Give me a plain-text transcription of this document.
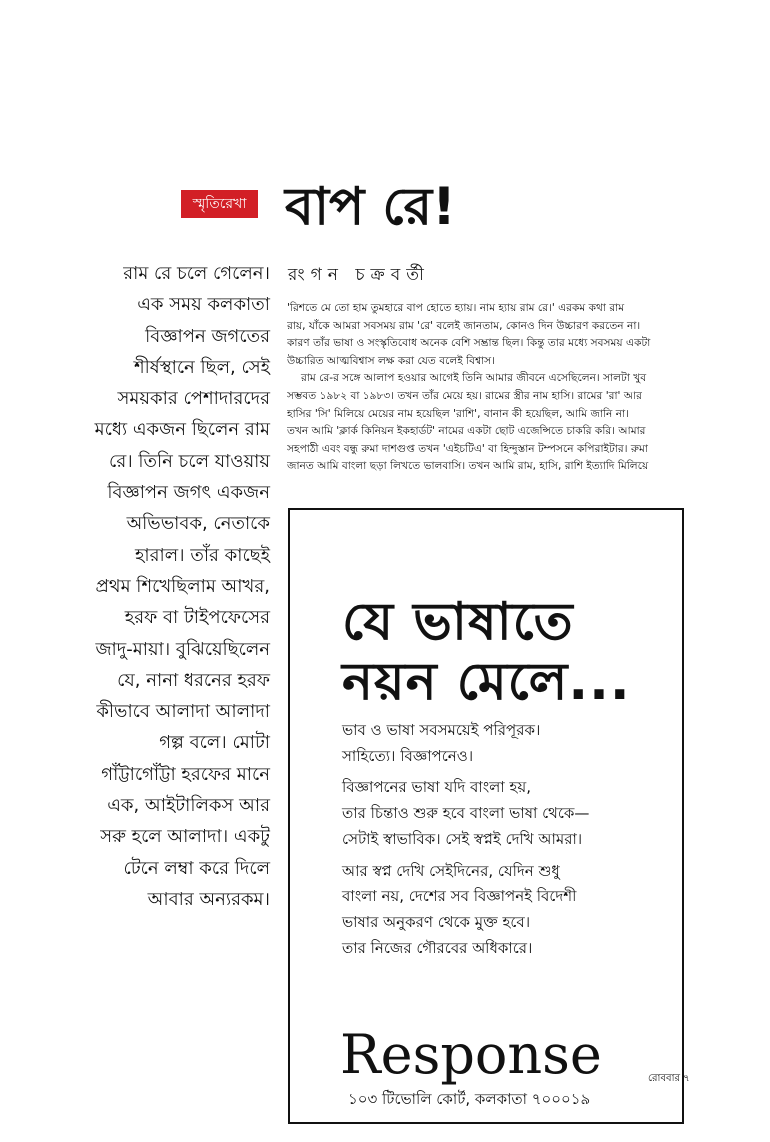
স্মৃতিরেখা বাপ রে!
রংগন চক্রবর্তী

রাম রে চলে গেলেন।

এক সময় কলকাতা

বিজ্ঞাপন জগতের

শীর্ষস্থানে ছিল, সেই

সময়কার পেশাদারদের

মধ্যে একজন ছিলেন রাম

রে। তিনি চলে যাওয়ায়

বিজ্ঞাপন জগৎ একজন

অভিভাবক, নেতাকে

হারাল। তাঁর কাছেই

প্রথম শিখেছিলাম আখর,

হরফ বা টাইপফেসের

জাদু-মায়া। বুঝিয়েছিলেন

যে, নানা ধরনের হরফ

কীভাবে আলাদা আলাদা

গল্প বলে। মোটা

গাঁট্টাগোঁট্টা হরফের মানে

এক, আইটালিকস আর

সরু হলে আলাদা। একটু

টেনে লম্বা করে দিলে

আবার অন্যরকম।

'রিশতে মে তো হাম তুমহারে বাপ হোতে হ্যায়। নাম হ্যায় রাম রে।' এরকম কথা রাম

রায়, যাঁকে আমরা সবসময় রাম 'রে' বলেই জানতাম, কোনও দিন উচ্চারণ করতেন না।

কারণ তাঁর ভাষা ও সংস্কৃতিবোধ অনেক বেশি সম্ভ্রান্ত ছিল। কিন্তু তার মধ্যে সবসময় একটা

উচ্চারিত আত্মবিশ্বাস লক্ষ করা যেত বলেই বিশ্বাস।

রাম রে-র সঙ্গে আলাপ হওয়ার আগেই তিনি আমার জীবনে এসেছিলেন। সালটা খুব

সম্ভবত ১৯৮২ বা ১৯৮৩। তখন তাঁর মেয়ে হয়। রামের স্ত্রীর নাম হাসি। রামের 'রা' আর

হাসির 'সি' মিলিয়ে মেয়ের নাম হয়েছিল 'রাশি', বানান কী হয়েছিল, আমি জানি না।

তখন আমি 'ক্লার্ক কিনিয়ন ইকহার্ডট' নামের একটা ছোট এজেন্সিতে চাকরি করি। আমার

সহপাঠী এবং বন্ধু রুমা দাশগুপ্ত তখন 'এইচটিএ' বা হিন্দুস্তান টম্পসনে কপিরাইটার। রুমা

জানত আমি বাংলা ছড়া লিখতে ভালবাসি। তখন আমি রাম, হাসি, রাশি ইত্যাদি মিলিয়ে

যে ভাষাতে
নয়ন মেলে...

ভাব ও ভাষা সবসময়েই পরিপূরক।
সাহিত্যে। বিজ্ঞাপনেও।

বিজ্ঞাপনের ভাষা যদি বাংলা হয়,
তার চিন্তাও শুরু হবে বাংলা ভাষা থেকে—
সেটাই স্বাভাবিক। সেই স্বপ্নই দেখি আমরা।

আর স্বপ্ন দেখি সেইদিনের, যেদিন শুধু
বাংলা নয়, দেশের সব বিজ্ঞাপনই বিদেশী
ভাষার অনুকরণ থেকে মুক্ত হবে।
তার নিজের গৌরবের অধিকারে।

Response
১০৩ টিভোলি কোর্ট, কলকাতা ৭০০০১৯
রোববার ৭
